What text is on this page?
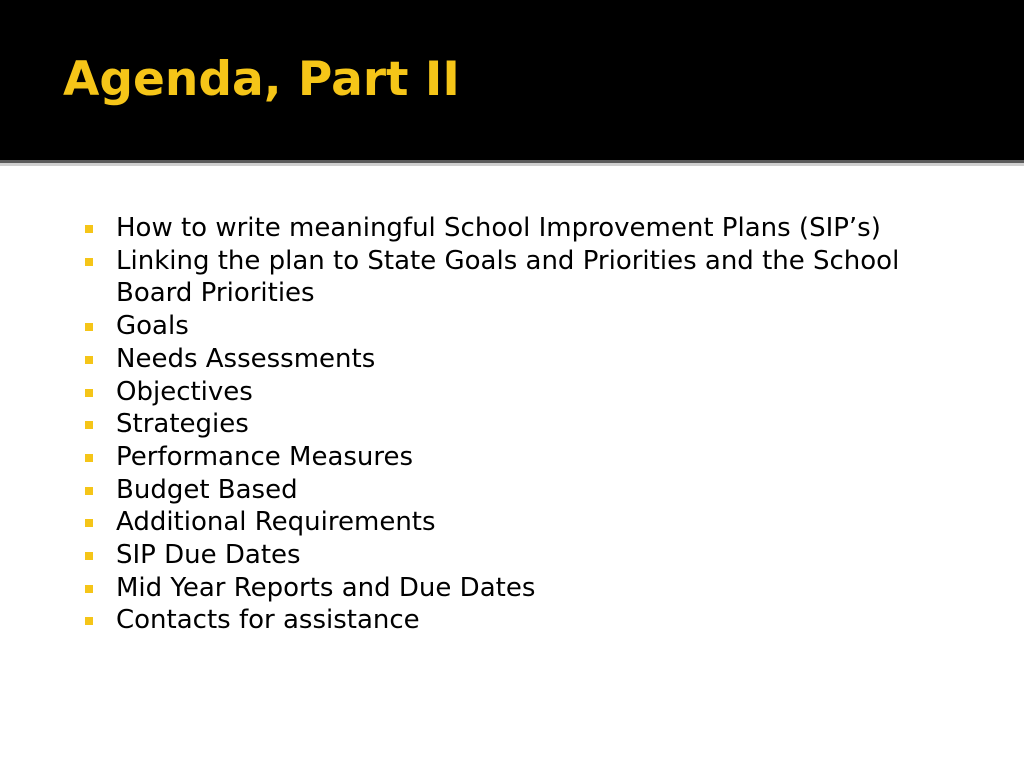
Agenda, Part II
How to write meaningful School Improvement Plans (SIP’s)
Linking the plan to State Goals and Priorities and the School
Board Priorities
Goals
Needs Assessments
Objectives
Strategies
Performance Measures
Budget Based
Additional Requirements
SIP Due Dates
Mid Year Reports and Due Dates
Contacts for assistance
